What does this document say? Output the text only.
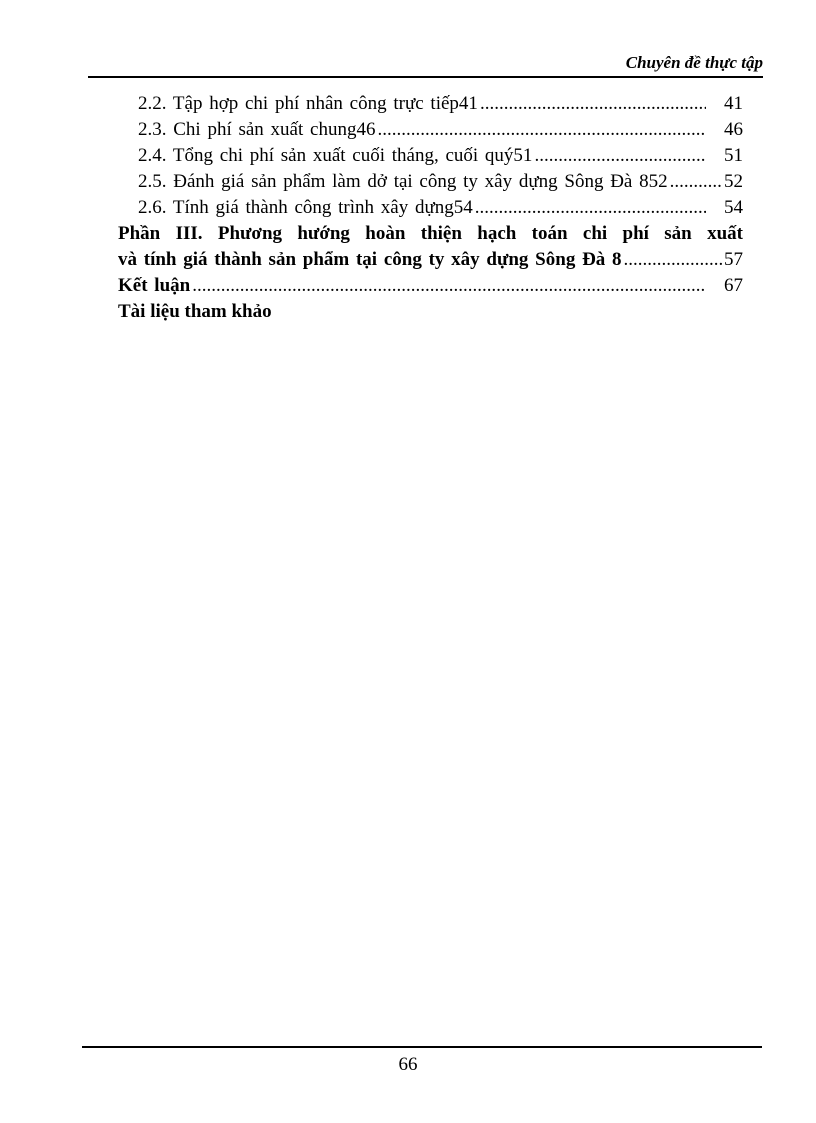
Chuyên đề thực tập
2.2. Tập hợp chi phí nhân công trực tiếp41 .....	41
2.3. Chi phí sản xuất chung46 .....	46
2.4. Tổng chi phí sản xuất cuối tháng, cuối quý51 .....	51
2.5. Đánh giá sản phẩm làm dở tại công ty xây dựng Sông Đà 852 .....	52
2.6. Tính giá thành công trình xây dựng54 .....	54
Phần III. Phương hướng hoàn thiện hạch toán chi phí sản xuất
và tính giá thành sản phẩm tại công ty xây dựng Sông Đà 8 .....	57
Kết luận .....	67
Tài liệu tham khảo
66
